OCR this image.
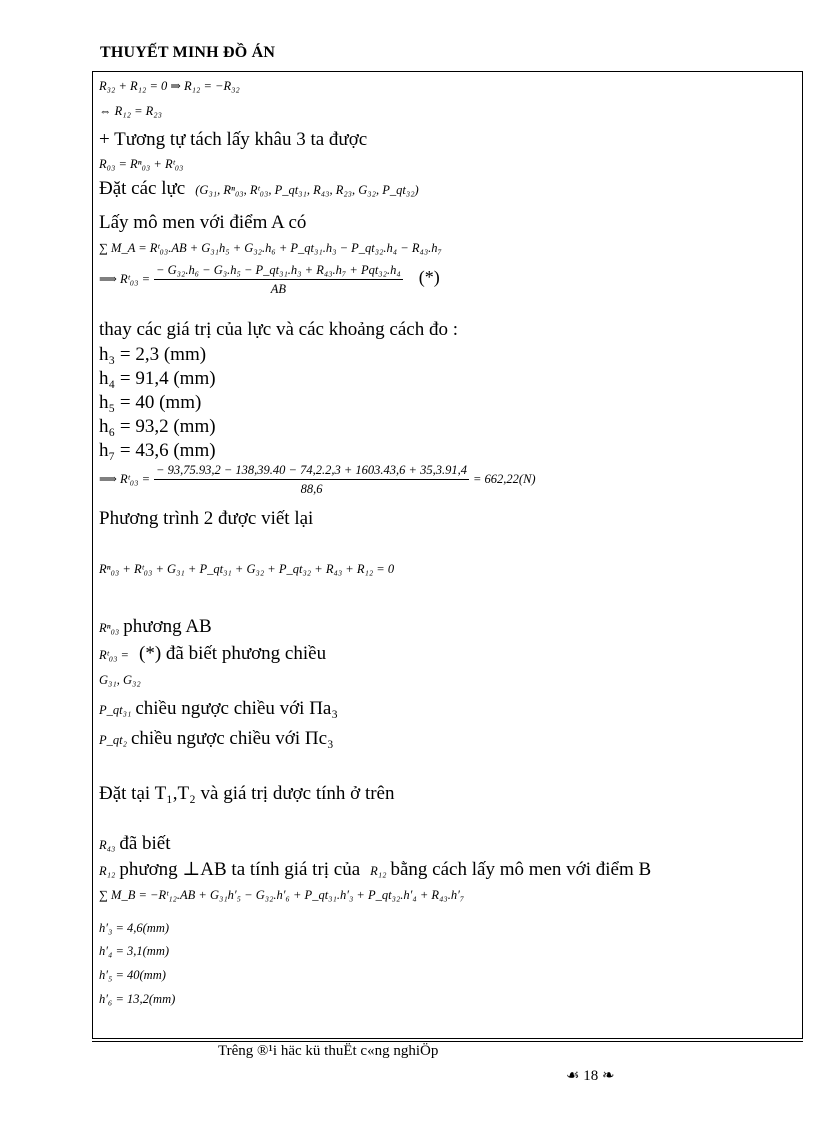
THUYẾT MINH ĐỒ ÁN
R₃₂ + R₁₂ = 0 ⇒ R₁₂ = −R₃₂
⇔ R₁₂ = R₂₃
+ Tương tự tách lấy khâu 3 ta được
R₀₃ = Rⁿ₀₃ + Rᵗ₀₃
Đặt các lực (G₃₁, Rⁿ₀₃, Rᵗ₀₃, P_qt₃₁, R₄₃, R₂₃, G₃₂, P_qt₃₂)
Lấy mô men với điểm A có
∑ M_A = Rᵗ₀₃.AB + G₃₁h₅ + G₃₂.h₆ + P_qt₃₁.h₃ − P_qt₃₂.h₄ − R₄₃.h₇
⟹ Rᵗ₀₃ = $\frac{\text{− G₃₂.h₆ − G₃.h₅ − P\_qt₃₁.h₃ + R₄₃.h₇ + Pqt₃₂.h₄}}{AB}$ (*)
thay các giá trị của lực và các khoảng cách đo :
h₃ = 2,3 (mm)
h₄ = 91,4 (mm)
h₅ = 40 (mm)
h₆ = 93,2 (mm)
h₇ = 43,6 (mm)
⟹ Rᵗ₀₃ = $\frac{- 93,75.93,2 - 138,39.40 - 74,2.2,3 + 1603.43,6 + 35,3.91,4}{88,6} = 662,22(N)$
Phương trình 2 được viết lại
Rⁿ₀₃ + Rᵗ₀₃ + G₃₁ + P_qt₃₁ + G₃₂ + P_qt₃₂ + R₄₃ + R₁₂ = 0
Rⁿ₀₃ phương AB
Rᵗ₀₃ = (*) đã biết phương chiều
G₃₁, G₃₂
P_qt₃₁ chiều ngược chiều với Πa₃
P_qt₂ chiều ngược chiều với Πc₃
Đặt tại T₁,T₂ và giá trị dược tính ở trên
R₄₃ đã biết
R₁₂ phương ⊥AB ta tính giá trị của R₁₂ bằng cách lấy mô men với điểm B
∑ M_B = −Rᵗ₁₂.AB + G₃₁h′₅ − G₃₂.h′₆ + P_qt₃₁.h′₃ + P_qt₃₂.h′₄ + R₄₃.h′₇
h′₃ = 4,6(mm)
h′₄ = 3,1(mm)
h′₅ = 40(mm)
h′₆ = 13,2(mm)
Trêng ®¹i häc kü thuËt c«ng nghiÖp
☙ 18 ❧
